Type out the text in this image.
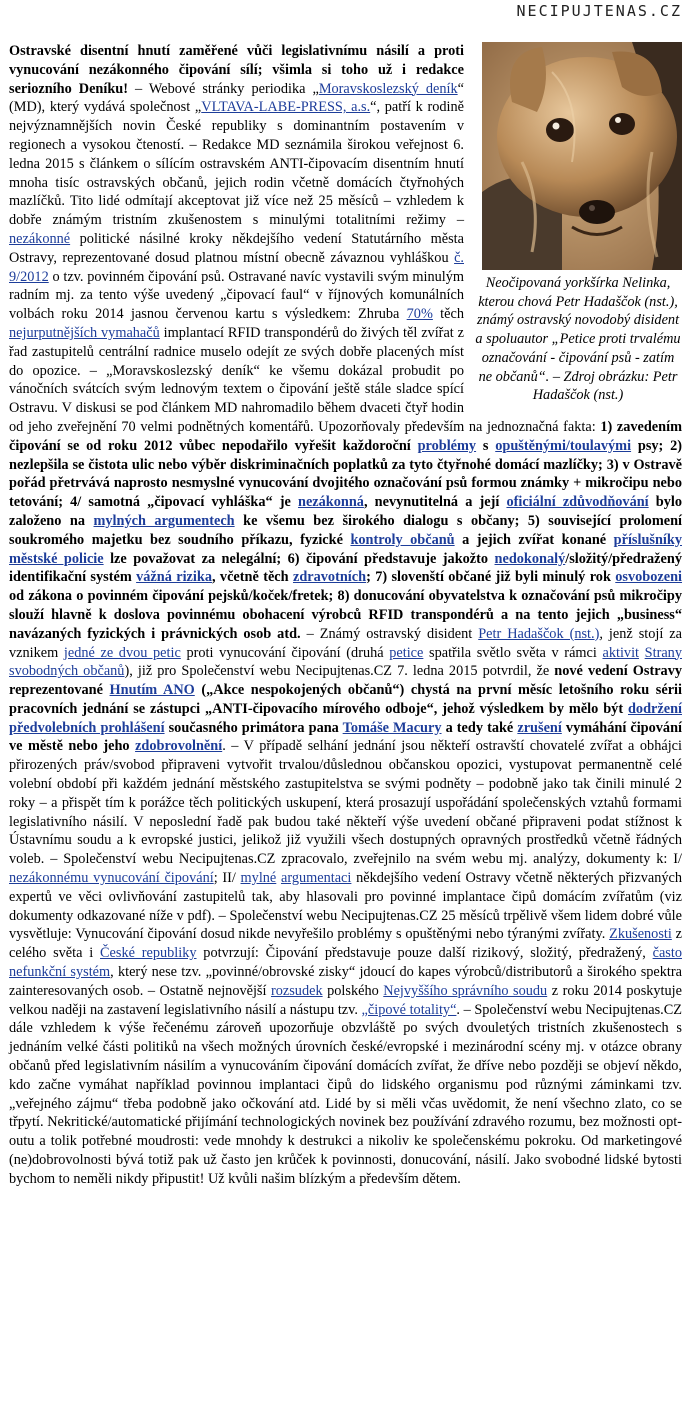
NECIPUJTENAS.CZ
Neočipovaná yorkšírka Nelinka, kterou chová Petr Hadaščok (nst.), známý ostravský novodobý disident a spoluautor „Petice proti trvalému označování - čipování psů - zatím ne občanů“. – Zdroj obrázku: Petr Hadaščok (nst.)

Ostravské disentní hnutí zaměřené vůči legislativnímu násilí a proti vynucování nezákonného čipování sílí; všimla si toho už i redakce seriozního Deníku! – Webové stránky periodika „Moravskoslezský deník“ (MD), který vydává společnost „VLTAVA-LABE-PRESS, a.s.“, patří k rodině nejvýznamnějších novin České republiky s dominantním postavením v regionech a vysokou čteností. – Redakce MD seznámila širokou veřejnost 6. ledna 2015 s článkem o sílícím ostravském ANTI-čipovacím disentním hnutí mnoha tisíc ostravských občanů, jejich rodin včetně domácích čtyřnohých mazlíčků. Tito lidé odmítají akceptovat již více než 25 měsíců – vzhledem k dobře známým tristním zkušenostem s minulými totalitními režimy – nezákonné politické násilné kroky někdejšího vedení Statutárního města Ostravy, reprezentované dosud platnou místní obecně závaznou vyhláškou č. 9/2012 o tzv. povinném čipování psů. Ostravané navíc vystavili svým minulým radním mj. za tento výše uvedený „čipovací faul“ v říjnových komunálních volbách roku 2014 jasnou červenou kartu s výsledkem: Zhruba 70% těch nejurputnějších vymahačů implantací RFID transpondérů do živých těl zvířat z řad zastupitelů centrální radnice muselo odejít ze svých dobře placených míst do opozice. – „Moravskoslezský deník“ ke všemu dokázal probudit po vánočních svátcích svým lednovým textem o čipování ještě stále sladce spící Ostravu. V diskusi se pod článkem MD nahromadilo během dvaceti čtyř hodin od jeho zveřejnění 70 velmi podnětných komentářů. Upozorňovaly především na jednoznačná fakta: 1) zavedením čipování se od roku 2012 vůbec nepodařilo vyřešit každoroční problémy s opuštěnými/toulavými psy; 2) nezlepšila se čistota ulic nebo výběr diskriminačních poplatků za tyto čtyřnohé domácí mazlíčky; 3) v Ostravě pořád přetrvává naprosto nesmyslné vynucování dvojitého označování psů formou známky + mikročipu nebo tetování; 4/ samotná „čipovací vyhláška“ je nezákonná, nevynutitelná a její oficiální zdůvodňování bylo založeno na mylných argumentech ke všemu bez širokého dialogu s občany; 5) související prolomení soukromého majetku bez soudního příkazu, fyzické kontroly občanů a jejich zvířat konané příslušníky městské policie lze považovat za nelegální; 6) čipování představuje jakožto nedokonalý/složitý/předražený identifikační systém vážná rizika, včetně těch zdravotních; 7) slovenští občané již byli minulý rok osvobozeni od zákona o povinném čipování pejsků/koček/fretek; 8) donucování obyvatelstva k označování psů mikročipy slouží hlavně k doslova povinnému obohacení výrobců RFID transpondérů a na tento jejich „business“ navázaných fyzických i právnických osob atd. – Známý ostravský disident Petr Hadaščok (nst.), jenž stojí za vznikem jedné ze dvou petic proti vynucování čipování (druhá petice spatřila světlo světa v rámci aktivit Strany svobodných občanů), již pro Společenství webu Necipujtenas.CZ 7. ledna 2015 potvrdil, že nové vedení Ostravy reprezentované Hnutím ANO („Akce nespokojených občanů“) chystá na první měsíc letošního roku sérii pracovních jednání se zástupci „ANTI-čipovacího mírového odboje“, jehož výsledkem by mělo být dodržení předvolebních prohlášení současného primátora pana Tomáše Macury a tedy také zrušení vymáhání čipování ve městě nebo jeho zdobrovolnění. – V případě selhání jednání jsou někteří ostravští chovatelé zvířat a obhájci přirozených práv/svobod připraveni vytvořit trvalou/důslednou občanskou opozici, vystupovat permanentně celé volební období při každém jednání městského zastupitelstva se svými podněty – podobně jako tak činili minulé 2 roky – a přispět tím k porážce těch politických uskupení, která prosazují uspořádání společenských vztahů formami legislativního násilí. V neposlední řadě pak budou také někteří výše uvedení občané připraveni podat stížnost k Ústavnímu soudu a k evropské justici, jelikož již využili všech dostupných opravných prostředků včetně řádných voleb. – Společenství webu Necipujtenas.CZ zpracovalo, zveřejnilo na svém webu mj. analýzy, dokumenty k: I/ nezákonnému vynucování čipování; II/ mylné argumentaci někdejšího vedení Ostravy včetně některých přizvaných expertů ve věci ovlivňování zastupitelů tak, aby hlasovali pro povinné implantace čipů domácím zvířatům (viz dokumenty odkazované níže v pdf). – Společenství webu Necipujtenas.CZ 25 měsíců trpělivě všem lidem dobré vůle vysvětluje: Vynucování čipování dosud nikde nevyřešilo problémy s opuštěnými nebo týranými zvířaty. Zkušenosti z celého světa i České republiky potvrzují: Čipování představuje pouze další rizikový, složitý, předražený, často nefunkční systém, který nese tzv. „povinné/obrovské zisky“ jdoucí do kapes výrobců/distributorů a širokého spektra zainteresovaných osob. – Ostatně nejnovější rozsudek polského Nejvyššího správního soudu z roku 2014 poskytuje velkou naději na zastavení legislativního násilí a nástupu tzv. „čipové totality“. – Společenství webu Necipujtenas.CZ dále vzhledem k výše řečenému zároveň upozorňuje obzvláště po svých dvouletých tristních zkušenostech s jednáním velké části politiků na všech možných úrovních české/evropské i mezinárodní scény mj. v otázce obrany občanů před legislativním násilím a vynucováním čipování domácích zvířat, že dříve nebo později se objeví někdo, kdo začne vymáhat například povinnou implantaci čipů do lidského organismu pod různými záminkami tzv. „veřejného zájmu“ třeba podobně jako očkování atd. Lidé by si měli včas uvědomit, že není všechno zlato, co se třpytí. Nekritické/automatické přijímání technologických novinek bez používání zdravého rozumu, bez možnosti opt-outu a tolik potřebné moudrosti: vede mnohdy k destrukci a nikoliv ke společenskému pokroku. Od marketingové (ne)dobrovolnosti bývá totiž pak už často jen krůček k povinnosti, donucování, násilí. Jako svobodné lidské bytosti bychom to neměli nikdy připustit! Už kvůli našim blízkým a především dětem.
